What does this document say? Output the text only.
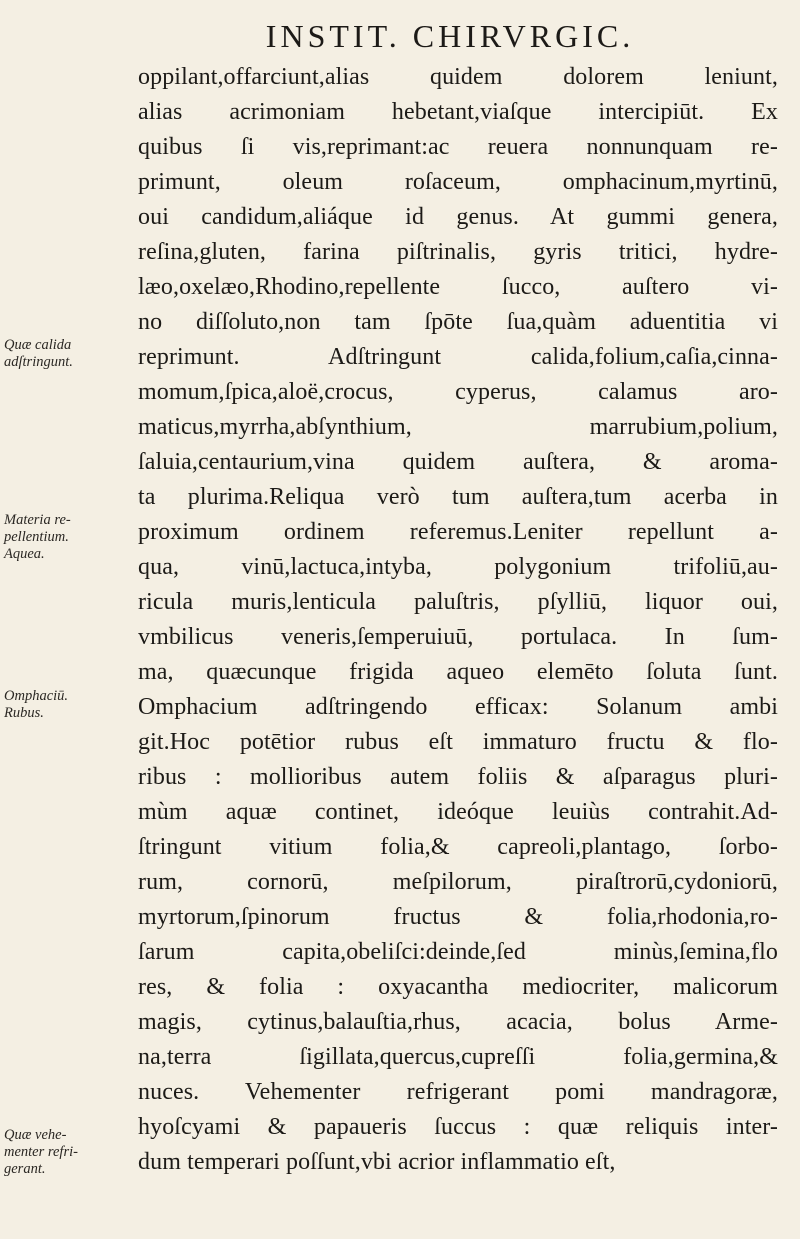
INSTIT. CHIRVRGIC.
oppilant,offarciunt,alias quidem dolorem leniunt,
alias acrimoniam hebetant,viaſque intercipiūt. Ex
quibus ſi vis,reprimant:ac reuera nonnunquam re-
primunt, oleum roſaceum, omphacinum,myrtinū,
oui candidum,aliáque id genus. At gummi genera,
reſina,gluten, farina piſtrinalis, gyris tritici, hydre-
læo,oxelæo,Rhodino,repellente ſucco, auſtero vi-
no diſſoluto,non tam ſpōte ſua,quàm aduentitia vi
reprimunt. Adſtringunt calida,folium,caſia,cinna-
momum,ſpica,aloë,crocus, cyperus, calamus aro-
maticus,myrrha,abſynthium, marrubium,polium,
ſaluia,centaurium,vina quidem auſtera, & aroma-
ta plurima.Reliqua verò tum auſtera,tum acerba in
proximum ordinem referemus.Leniter repellunt a-
qua, vinū,lactuca,intyba, polygonium trifoliū,au-
ricula muris,lenticula paluſtris, pſylliū, liquor oui,
vmbilicus veneris,ſemperuiuū, portulaca. In ſum-
ma, quæcunque frigida aqueo elemēto ſoluta ſunt.
Omphacium adſtringendo efficax: Solanum ambi
git.Hoc potētior rubus eſt immaturo fructu & flo-
ribus : mollioribus autem foliis & aſparagus pluri-
mùm aquæ continet, ideóque leuiùs contrahit.Ad-
ſtringunt vitium folia,& capreoli,plantago, ſorbo-
rum, cornorū, meſpilorum, piraſtrorū,cydoniorū,
myrtorum,ſpinorum fructus & folia,rhodonia,ro-
ſarum capita,obeliſci:deinde,ſed minùs,ſemina,flo
res, & folia : oxyacantha mediocriter, malicorum
magis, cytinus,balauſtia,rhus, acacia, bolus Arme-
na,terra ſigillata,quercus,cupreſſi folia,germina,&
nuces. Vehementer refrigerant pomi mandragoræ,
hyoſcyami & papaueris ſuccus : quæ reliquis inter-
dum temperari poſſunt,vbi acrior inflammatio eſt,
Quæ calida
adſtringunt.
Materia re-
pellentium.
Aquea.
Omphaciū.
Rubus.
Quæ vehe-
menter refri-
gerant.
